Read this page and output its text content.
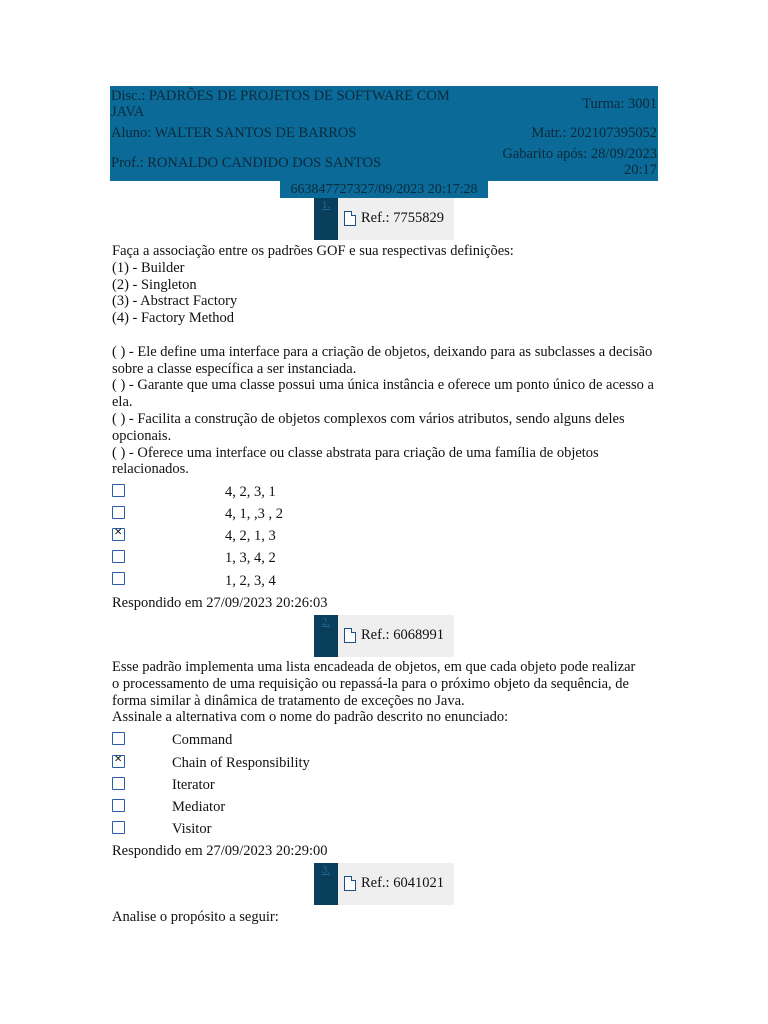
Disc.: PADRÕES DE PROJETOS DE SOFTWARE COM JAVA	Turma: 3001
Aluno: WALTER SANTOS DE BARROS	Matr.: 202107395052
Prof.: RONALDO CANDIDO DOS SANTOS
Gabarito após: 28/09/2023 20:17
663847727327/09/2023 20:17:28
1.
Ref.: 7755829
Faça a associação entre os padrões GOF e sua respectivas definições:
(1) - Builder
(2) - Singleton
(3) - Abstract Factory
(4) - Factory Method
( ) - Ele define uma interface para a criação de objetos, deixando para as subclasses a decisão sobre a classe específica a ser instanciada.
( ) - Garante que uma classe possui uma única instância e oferece um ponto único de acesso a ela.
( ) - Facilita a construção de objetos complexos com vários atributos, sendo alguns deles opcionais.
( ) - Oferece uma interface ou classe abstrata para criação de uma família de objetos relacionados.
4, 2, 3, 1
4, 1, ,3 , 2
✕
4, 2, 1, 3
1, 3, 4, 2
1, 2, 3, 4
Respondido em 27/09/2023 20:26:03
2.
Ref.: 6068991
Esse padrão implementa uma lista encadeada de objetos, em que cada objeto pode realizar o processamento de uma requisição ou repassá-la para o próximo objeto da sequência, de forma similar à dinâmica de tratamento de exceções no Java.
Assinale a alternativa com o nome do padrão descrito no enunciado:
Command
✕
Chain of Responsibility
Iterator
Mediator
Visitor
Respondido em 27/09/2023 20:29:00
3.
Ref.: 6041021
Analise o propósito a seguir:
